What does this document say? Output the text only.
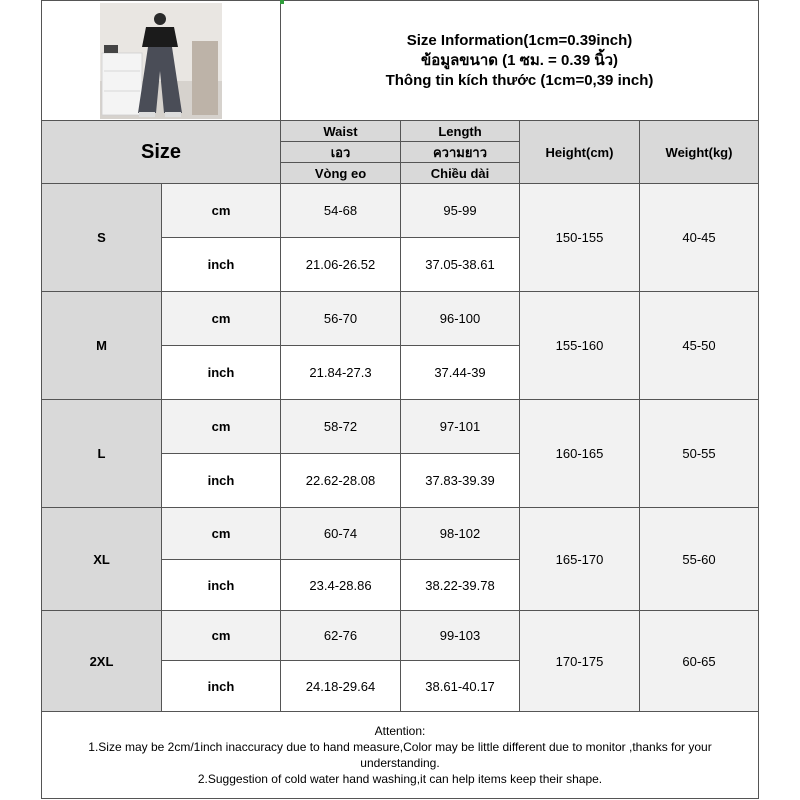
Size Information(1cm=0.39inch)
ข้อมูลขนาด (1 ซม. = 0.39 นิ้ว)
Thông tin kích thước (1cm=0,39 inch)
Size
Waist
เอว
Vòng eo
Length
ความยาว
Chiều dài
Height(cm)	Weight(kg)
S
cm	54-68	95-99
inch	21.06-26.52	37.05-38.61
150-155	40-45
M
cm	56-70	96-100
inch	21.84-27.3	37.44-39
155-160	45-50
L
cm	58-72	97-101
inch	22.62-28.08	37.83-39.39
160-165	50-55
XL
cm	60-74	98-102
inch	23.4-28.86	38.22-39.78
165-170	55-60
2XL
cm	62-76	99-103
inch	24.18-29.64	38.61-40.17
170-175	60-65
Attention:
1.Size may be 2cm/1inch inaccuracy due to hand measure,Color may be little different due to monitor ,thanks for your understanding.
2.Suggestion of cold water hand washing,it can help items keep their shape.
